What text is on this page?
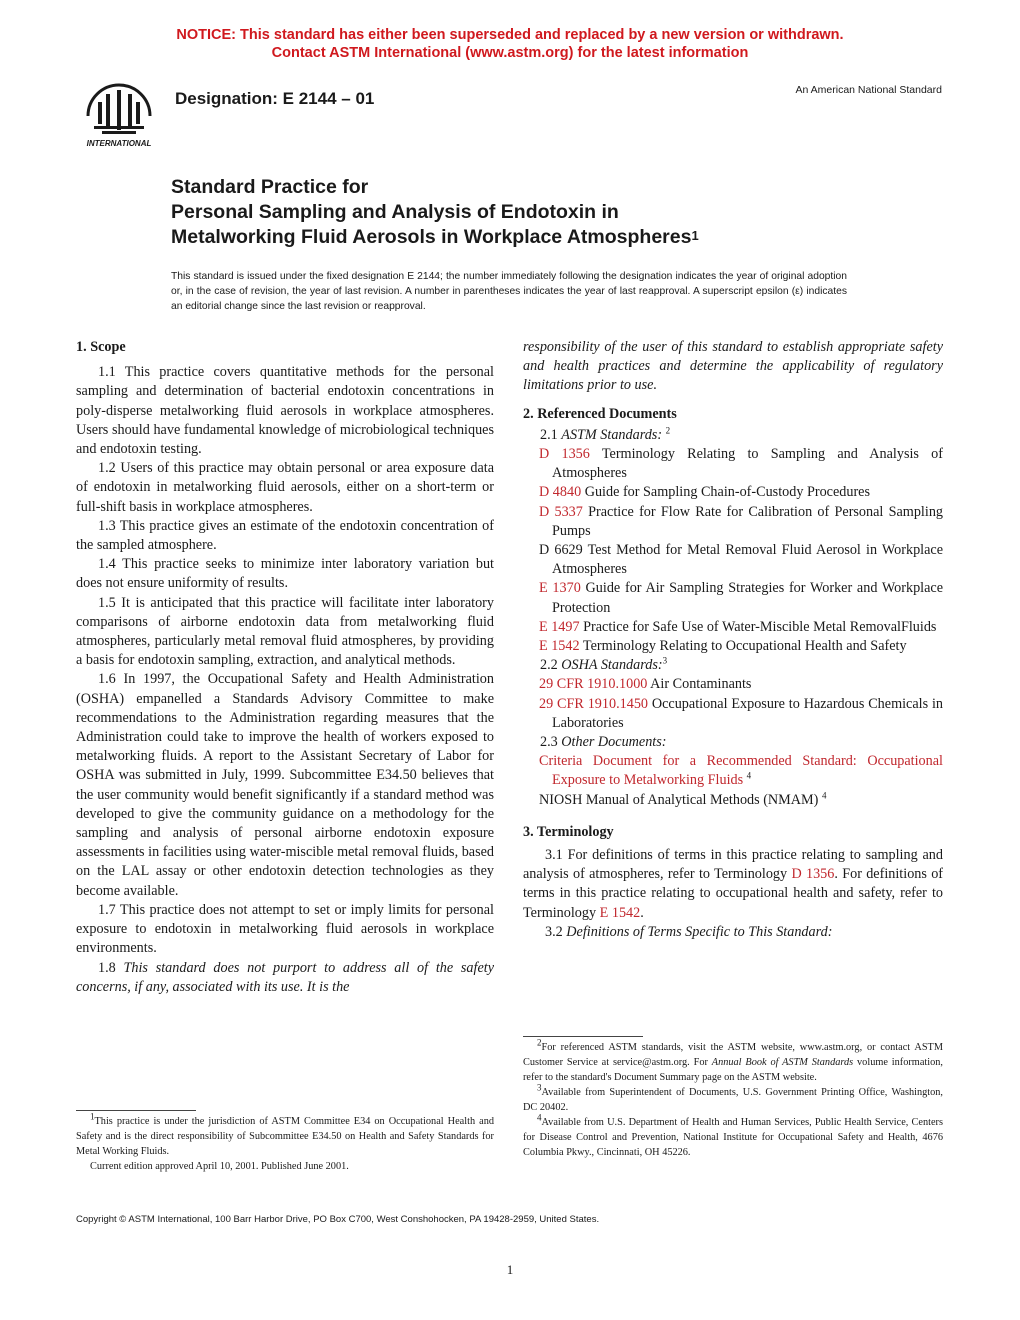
NOTICE: This standard has either been superseded and replaced by a new version or withdrawn.
Contact ASTM International (www.astm.org) for the latest information
INTERNATIONAL
Designation: E 2144 – 01	An American National Standard
Standard Practice for
Personal Sampling and Analysis of Endotoxin in
Metalworking Fluid Aerosols in Workplace Atmospheres$^1$
This standard is issued under the fixed designation E 2144; the number immediately following the designation indicates the year of original adoption or, in the case of revision, the year of last revision. A number in parentheses indicates the year of last reapproval. A superscript epsilon (ε) indicates an editorial change since the last revision or reapproval.
1. Scope

1.1 This practice covers quantitative methods for the personal sampling and determination of bacterial endotoxin concentrations in poly-disperse metalworking fluid aerosols in workplace atmospheres. Users should have fundamental knowledge of microbiological techniques and endotoxin testing.

1.2 Users of this practice may obtain personal or area exposure data of endotoxin in metalworking fluid aerosols, either on a short-term or full-shift basis in workplace atmospheres.

1.3 This practice gives an estimate of the endotoxin concentration of the sampled atmosphere.

1.4 This practice seeks to minimize inter laboratory variation but does not ensure uniformity of results.

1.5 It is anticipated that this practice will facilitate inter laboratory comparisons of airborne endotoxin data from metalworking fluid atmospheres, particularly metal removal fluid atmospheres, by providing a basis for endotoxin sampling, extraction, and analytical methods.

1.6 In 1997, the Occupational Safety and Health Administration (OSHA) empanelled a Standards Advisory Committee to make recommendations to the Administration regarding measures that the Administration could take to improve the health of workers exposed to metalworking fluids. A report to the Assistant Secretary of Labor for OSHA was submitted in July, 1999. Subcommittee E34.50 believes that the user community would benefit significantly if a standard method was developed to give the community guidance on a methodology for the sampling and analysis of personal airborne endotoxin exposure assessments in facilities using water-miscible metal removal fluids, based on the LAL assay or other endotoxin detection technologies as they become available.

1.7 This practice does not attempt to set or imply limits for personal exposure to endotoxin in metalworking fluid aerosols in workplace environments.

1.8 This standard does not purport to address all of the safety concerns, if any, associated with its use. It is the

$^1$This practice is under the jurisdiction of ASTM Committee E34 on Occupational Health and Safety and is the direct responsibility of Subcommittee E34.50 on Health and Safety Standards for Metal Working Fluids.

Current edition approved April 10, 2001. Published June 2001.

responsibility of the user of this standard to establish appropriate safety and health practices and determine the applicability of regulatory limitations prior to use.

2. Referenced Documents
2.1 ASTM Standards: $^2$
D 1356 Terminology Relating to Sampling and Analysis of Atmospheres
D 4840 Guide for Sampling Chain-of-Custody Procedures
D 5337 Practice for Flow Rate for Calibration of Personal Sampling Pumps
D 6629 Test Method for Metal Removal Fluid Aerosol in Workplace Atmospheres
E 1370 Guide for Air Sampling Strategies for Worker and Workplace Protection
E 1497 Practice for Safe Use of Water-Miscible Metal RemovalFluids
E 1542 Terminology Relating to Occupational Health and Safety
2.2 OSHA Standards:$^3$
29 CFR 1910.1000 Air Contaminants
29 CFR 1910.1450 Occupational Exposure to Hazardous Chemicals in Laboratories
2.3 Other Documents:
Criteria Document for a Recommended Standard: Occupational Exposure to Metalworking Fluids $^4$
NIOSH Manual of Analytical Methods (NMAM) $^4$
3. Terminology

3.1 For definitions of terms in this practice relating to sampling and analysis of atmospheres, refer to Terminology D 1356. For definitions of terms in this practice relating to occupational health and safety, refer to Terminology E 1542.

3.2 Definitions of Terms Specific to This Standard:

$^2$For referenced ASTM standards, visit the ASTM website, www.astm.org, or contact ASTM Customer Service at service@astm.org. For Annual Book of ASTM Standards volume information, refer to the standard's Document Summary page on the ASTM website.

$^3$Available from Superintendent of Documents, U.S. Government Printing Office, Washington, DC 20402.

$^4$Available from U.S. Department of Health and Human Services, Public Health Service, Centers for Disease Control and Prevention, National Institute for Occupational Safety and Health, 4676 Columbia Pkwy., Cincinnati, OH 45226.

Copyright © ASTM International, 100 Barr Harbor Drive, PO Box C700, West Conshohocken, PA 19428-2959, United States.
1
